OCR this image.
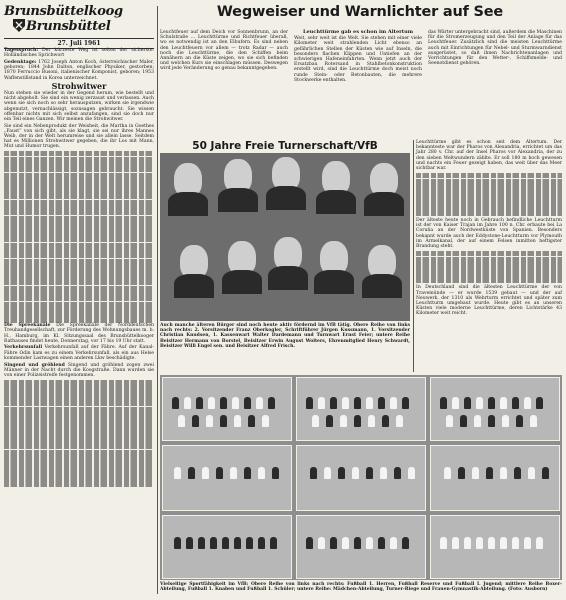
Brunsbüttelkoog
Brunsbüttel
27. Juli 1961

Tagesspruch: Der kürzeste Weg ist selten der sicherste. Holländisches Sprichwort

Gedenktage: 1762 Joseph Anton Koch, österreichischer Maler, geboren; 1844 John Dalton, englischer Physiker, gestorben; 1870 Ferruccio Busoni, italienischer Komponist, geboren; 1953 Waffenstillstand in Korea unterzeichnet.

Strohwitwer

Nun stehen sie wieder in der Gegend herum, wie bestellt und nicht abgeholt. Sie sind ein wenig zerzaust und verlassen. Auch wenn sie sich noch so sehr herausputzen, wirken sie irgendwie abgenutzt, vernachlässigt, sozusagen gebraucht. Sie wissen offenbar nichts mit sich selbst anzufangen, sind sie doch nur ein Teil eines Ganzen. Wir meinen die Strohwitwer.

Sie sind ein Nebenprodukt der Weisheit, die Martha in Goethes „Faust“ von sich gibt, als sie klagt, sie sei nur ihres Mannes Weib, der in der Welt herumreise und sie allein lasse. Seitdem hat es Millionen Strohwitwer gegeben, die ihr Los mit Mann, Mut und Humor trugen.

Die Spreekanäle Die Spreekanäle der Norddeutschen Treuhandgesellschaft, zur Förderung des Wohnungsbaues m. b. H., Hamburg, im Kl. Sitzungssaal des Brunsbüttelkooger Rathauses findet heute, Donnerstag, vor 17 bis 19 Uhr statt.

Verkehrsunfall Verkehrsunfall auf der Fähre. Auf der Kanal-Fähre Odin kam es zu einem Verkehrsunfall, als ein aus Helse kommender Lastwagen einen anderen Lkw beschädigte.

Singend und gröhlend Singend und gröhlend zogen zwei Männer in der Nacht durch die Koogstraße. Dann wurden sie von einer Polizeistreife festgenommen.

Wegweiser und Warnlichter auf See
Leuchtfeuer auf dem Deich vor Sonnenbrunn, an der Schulstraße ... Leuchttürme und Richtfeuer überall, wo es notwendig ist an den Elbufern. Es sind neben den Leuchtfeuern vor allem — trotz Radar — auch noch die Leuchttürme, die den Schiffen beim Annähern an die Küste zeigen, wo sie sich befinden und welchen Kurs sie einschlagen müssen. Deswegen wird jede Veränderung so genau bekanntgegeben.
Leuchttürme gab es schon im Altertum
Weit, sehr weit ist die Welt. Sie stehen mit einer viele Kilometer weit strahlenden Licht ebenso an gefährlichen Stellen der Küsten wie auf Inseln, die besonders flachen Klippen und Untiefen an der schwierigen Hafeneinfahrten. Wenn jetzt auch der Ersatzbau Rotersand in Stahlbetonkonstruktion erstellt wird, sind die Leuchttürme doch meist noch runde Stein- oder Betonbauten, die mehrere Stockwerke enthalten.
das Wärter untergebracht sind, außerdem die Maschinen für die Stromerzeugung und den Teil der Anlage für das Leuchtfeuer. Zusätzlich sind die meisten Leuchttürme auch mit Einrichtungen für Nebel- und Sturmwarndienst ausgerüstet, so daß ihnen Nachrichtenanlagen und Vorrichtungen für den Wetter-, Schiffsmelde- und Seenotdienst gehören.
50 Jahre Freie Turnerschaft/VfB
Auch manche älteren Bürger sind noch heute aktiv fördernd im VfB tätig. Obere Reihe von links nach rechts: 2. Vorsitzender Franz Oberkogler, Schriftführer Jürgen Kussmann, 1. Vorsitzender Christian Knudsen, 1. Kassenwart Walter Dardemann und Turnwart Ernst Feier; untere Reihe Beisitzer Hermann von Borstel, Beisitzer Erwin August Wolters, Ehrenmitglied Henry Schwardt, Beisitzer Willi Engel sen. und Beisitzer Alfred Frisch.

Leuchttürme gibt es schon seit dem Altertum. Der bekannteste war der Pharos von Alexandria, errichtet um das Jahr 280 v. Chr. auf der Insel Pharos vor Alexandria, der zu den sieben Weltwundern zählte. Er soll 180 m hoch gewesen und nachts ein Feuer gezeigt haben, das weit über das Meer sichtbar war.

Der älteste heute noch in Gebrauch befindliche Leuchtturm ist der von Kaiser Trajan im Jahre 100 n. Chr. erbaute bei La Coruña an der Nordwestküste von Spanien. Besonders bekannt wurde auch der Eddystone-Leuchtturm vor Plymouth im Ärmelkanal, der auf einem Felsen inmitten heftigster Brandung steht.

In Deutschland sind die ältesten Leuchttürme der von Travemünde — er wurde 1539 gebaut — und der auf Neuwerk, der 1310 als Wehrturm errichtet und später zum Leuchtturm umgebaut wurde. Heute gibt es an unseren Küsten viele moderne Leuchttürme, deren Lichtstärke 43 Kilometer weit reicht.

Vielseitige Sportfähigkeit im VfB: Obere Reihe von links nach rechts: Fußball 1. Herren, Fußball Reserve und Fußball I. Jugend; mittlere Reihe Boxer-Abteilung, Fußball 1. Knaben und Fußball 1. Schüler; untere Reihe: Mädchen-Abteilung, Turner-Riege und Frauen-Gymnastik-Abteilung. (Foto: Ausborn)
